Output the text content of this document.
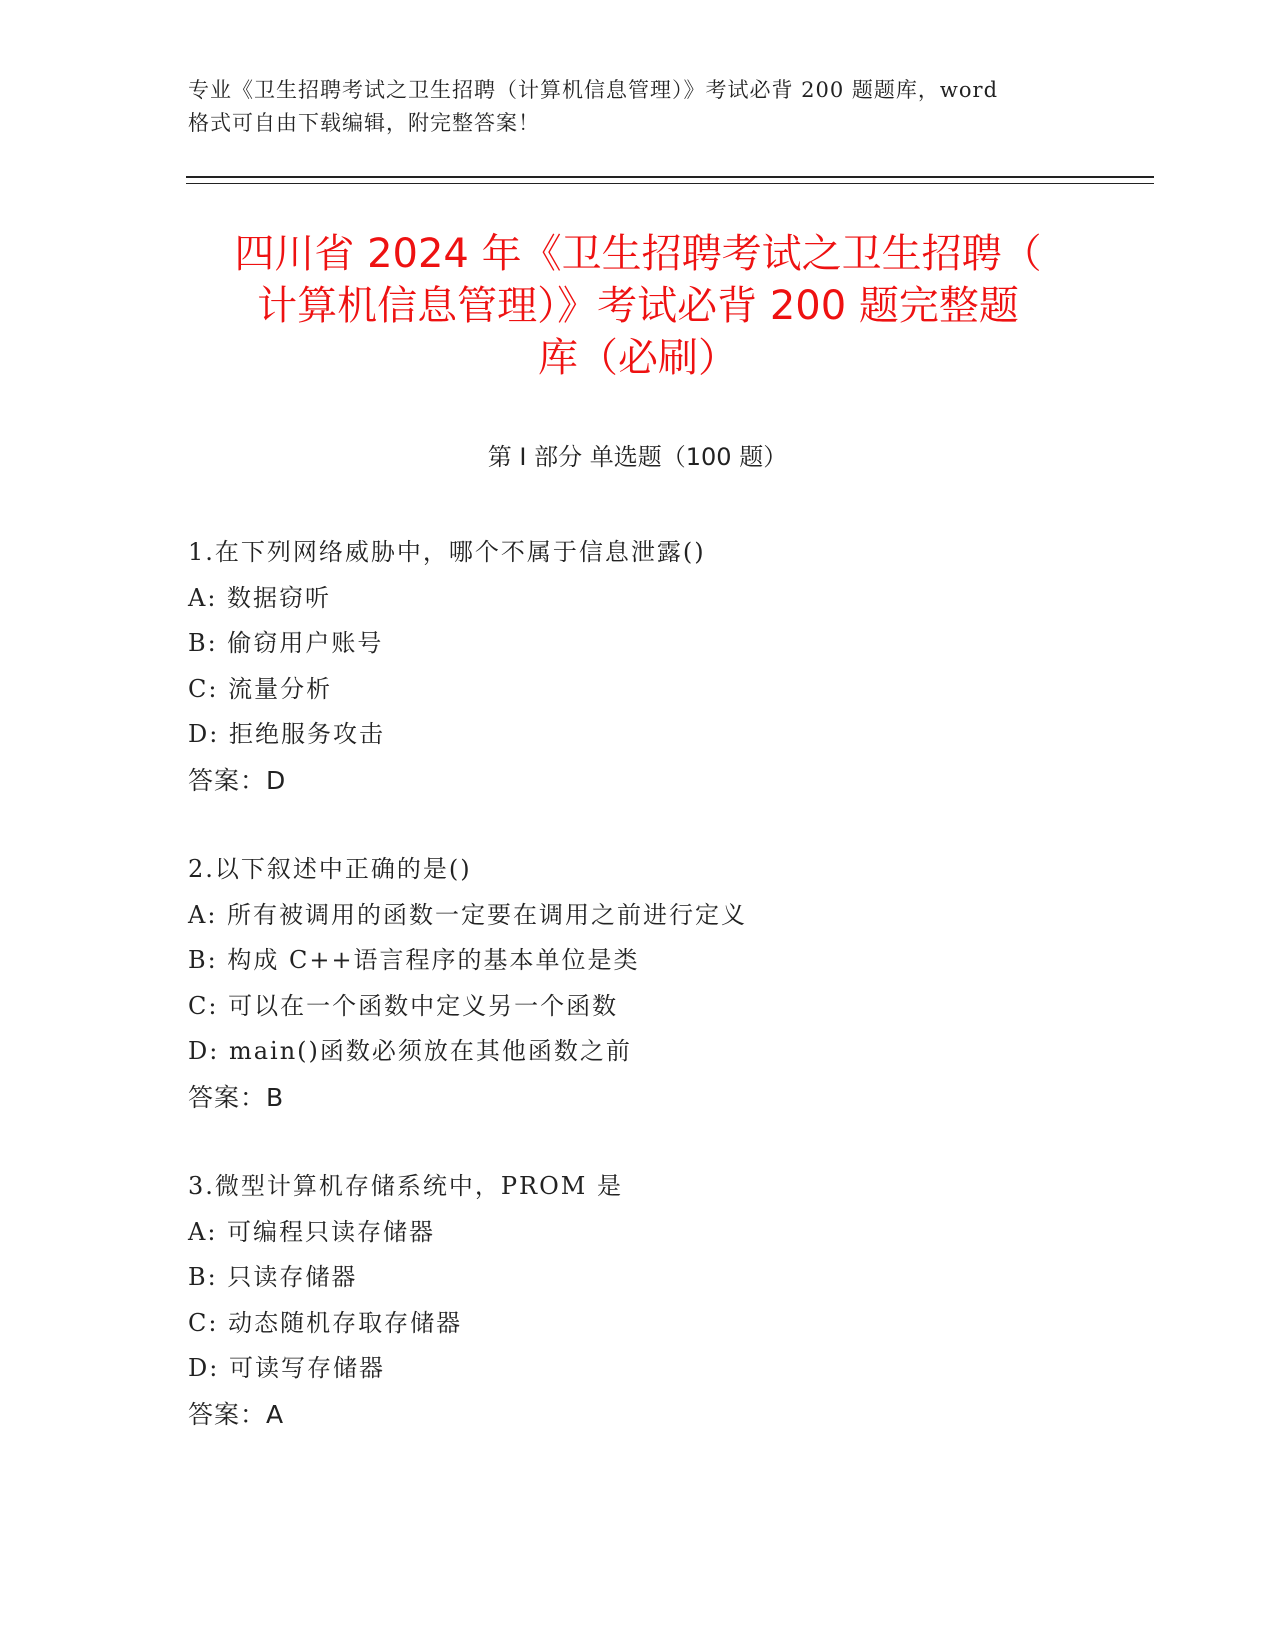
专业《卫生招聘考试之卫生招聘（计算机信息管理）》考试必背 200 题题库，word
格式可自由下载编辑，附完整答案！
四川省 2024 年《卫生招聘考试之卫生招聘（
计算机信息管理）》考试必背 200 题完整题
库（必刷）
第 I 部分 单选题（100 题）
1.在下列网络威胁中，哪个不属于信息泄露()
A: 数据窃听
B: 偷窃用户账号
C: 流量分析
D: 拒绝服务攻击
答案：D
2.以下叙述中正确的是()
A: 所有被调用的函数一定要在调用之前进行定义
B: 构成 C++语言程序的基本单位是类
C: 可以在一个函数中定义另一个函数
D: main()函数必须放在其他函数之前
答案：B
3.微型计算机存储系统中，PROM 是
A: 可编程只读存储器
B: 只读存储器
C: 动态随机存取存储器
D: 可读写存储器
答案：A
